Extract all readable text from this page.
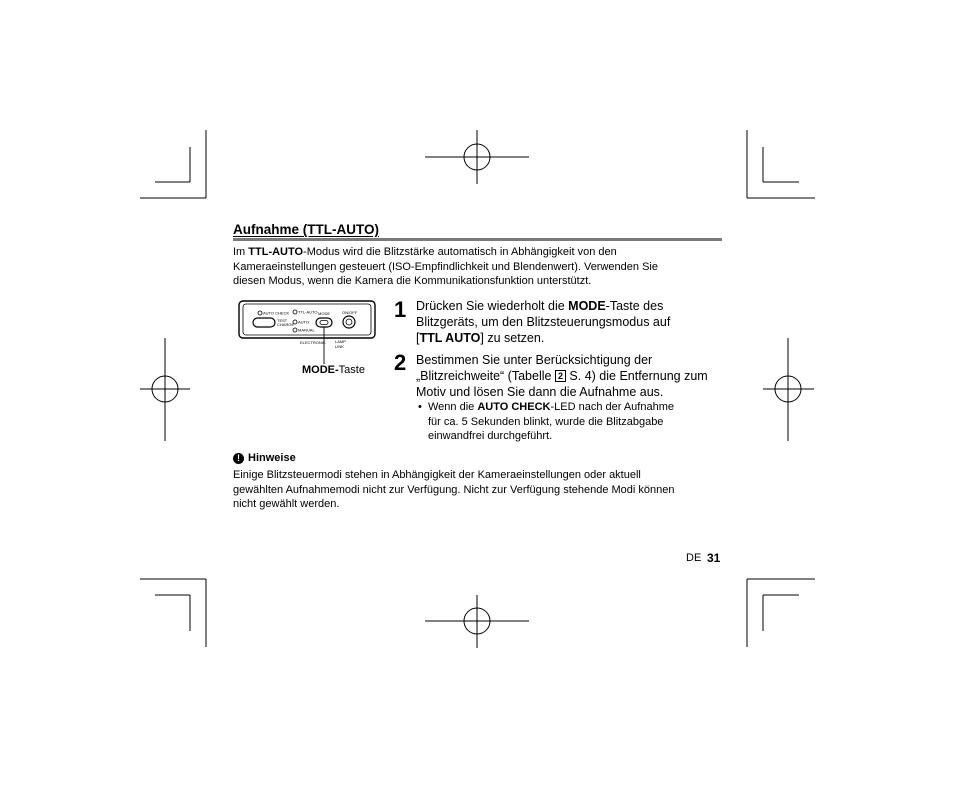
Aufnahme (TTL-AUTO)

Im TTL-AUTO-Modus wird die Blitzstärke automatisch in Abhängigkeit von den

Kameraeinstellungen gesteuert (ISO-Empfindlichkeit und Blendenwert). Verwenden Sie

diesen Modus, wenn die Kamera die Kommunikationsfunktion unterstützt.

AUTO CHECK
TEST
CHARGE
TTL-AUTO
AUTO
MANUAL
MODE	ON/OFF
ELECTRONIC LAMP
LINK
MODE-Taste
1 Drücken Sie wiederholt die MODE-Taste des

Blitzgeräts, um den Blitzsteuerungsmodus auf

[TTL AUTO] zu setzen.

2 Bestimmen Sie unter Berücksichtigung der

„Blitzreichweite“ (Tabelle 2 S. 4) die Entfernung zum

Motiv und lösen Sie dann die Aufnahme aus.

• Wenn die AUTO CHECK-LED nach der Aufnahme
für ca. 5 Sekunden blinkt, wurde die Blitzabgabe
einwandfrei durchgeführt.
! Hinweise
Einige Blitzsteuermodi stehen in Abhängigkeit der Kameraeinstellungen oder aktuell
gewählten Aufnahmemodi nicht zur Verfügung. Nicht zur Verfügung stehende Modi können
nicht gewählt werden.
DE 31
